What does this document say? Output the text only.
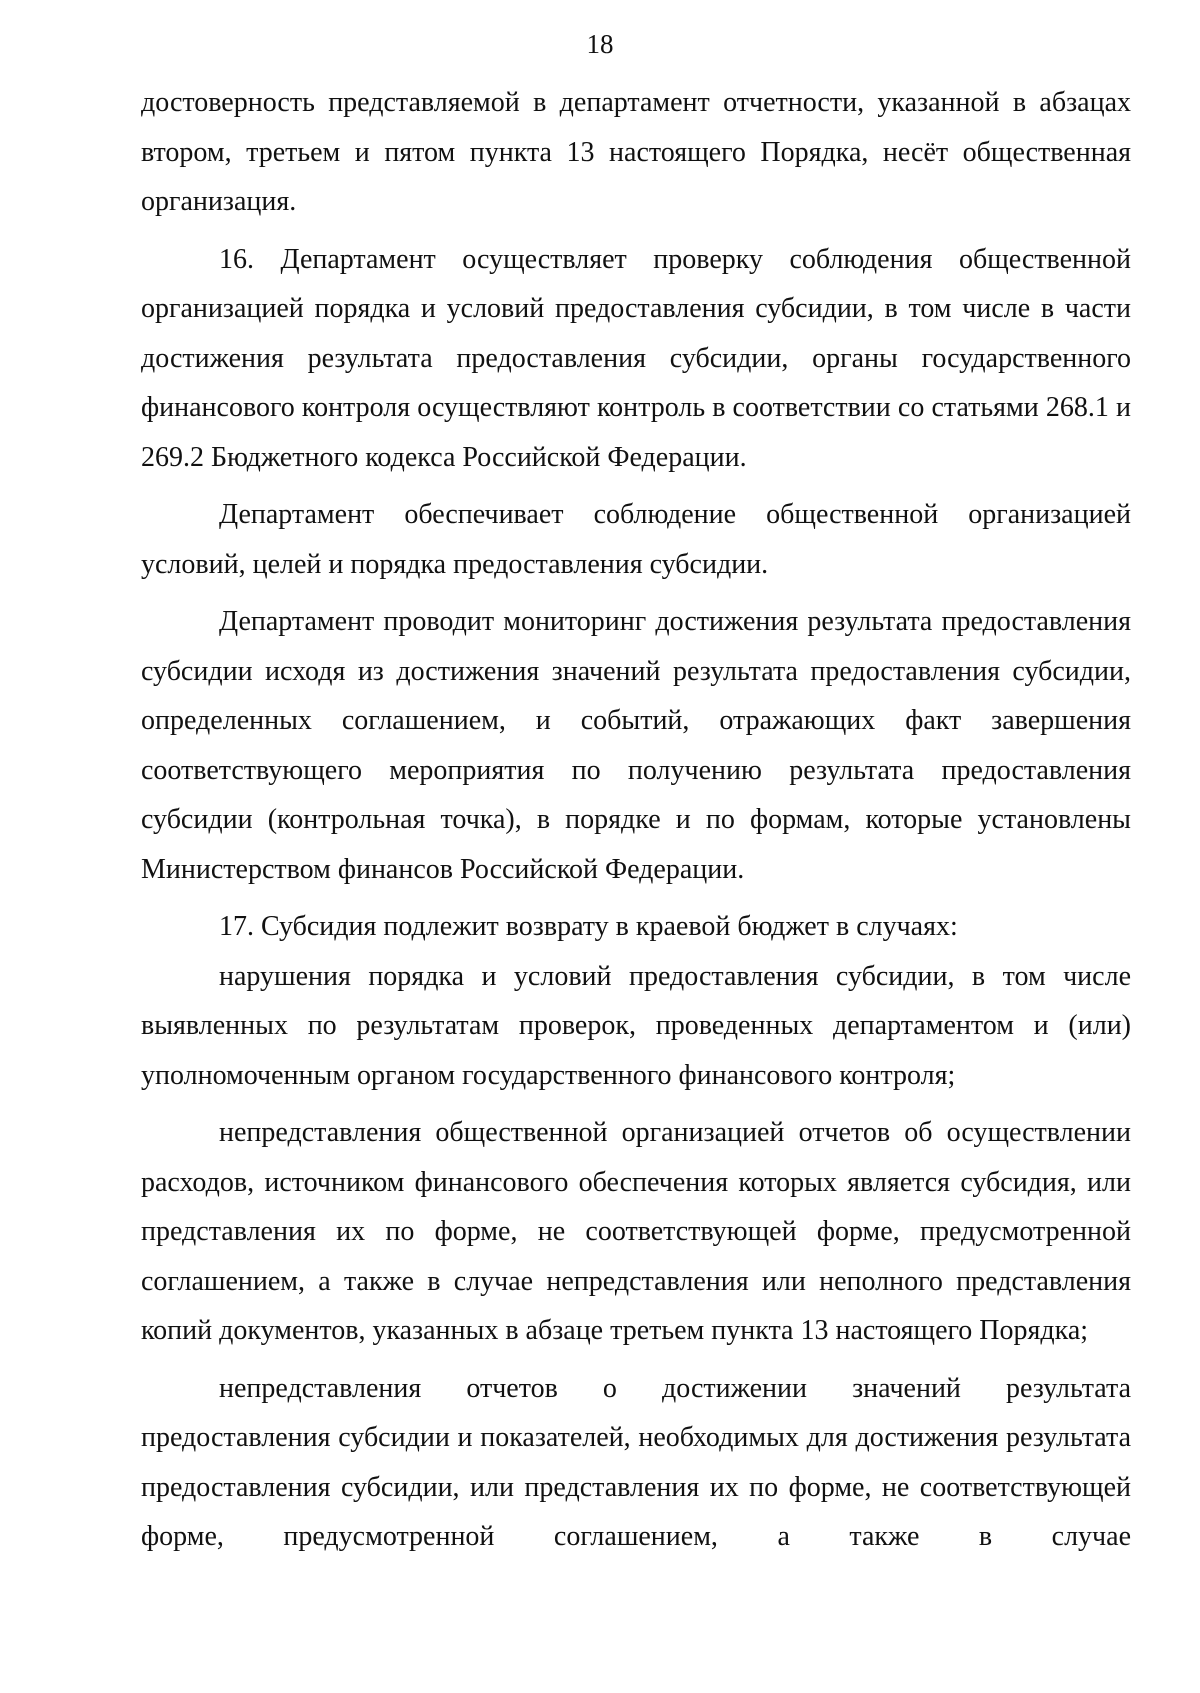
18

достоверность представляемой в департамент отчетности, указанной в абзацах втором, третьем и пятом пункта 13 настоящего Порядка, несёт общественная организация.

16. Департамент осуществляет проверку соблюдения общественной организацией порядка и условий предоставления субсидии, в том числе в части достижения результата предоставления субсидии, органы государственного финансового контроля осуществляют контроль в соответствии со статьями 268.1 и 269.2 Бюджетного кодекса Российской Федерации.

Департамент обеспечивает соблюдение общественной организацией условий, целей и порядка предоставления субсидии.

Департамент проводит мониторинг достижения результата предоставления субсидии исходя из достижения значений результата предоставления субсидии, определенных соглашением, и событий, отражающих факт завершения соответствующего мероприятия по получению результата предоставления субсидии (контрольная точка), в порядке и по формам, которые установлены Министерством финансов Российской Федерации.

17. Субсидия подлежит возврату в краевой бюджет в случаях:

нарушения порядка и условий предоставления субсидии, в том числе выявленных по результатам проверок, проведенных департаментом и (или) уполномоченным органом государственного финансового контроля;

непредставления общественной организацией отчетов об осуществлении расходов, источником финансового обеспечения которых является субсидия, или представления их по форме, не соответствующей форме, предусмотренной соглашением, а также в случае непредставления или неполного представления копий документов, указанных в абзаце третьем пункта 13 настоящего Порядка;

непредставления отчетов о достижении значений результата предоставления субсидии и показателей, необходимых для достижения результата предоставления субсидии, или представления их по форме, не соответствующей форме, предусмотренной соглашением, а также в случае
